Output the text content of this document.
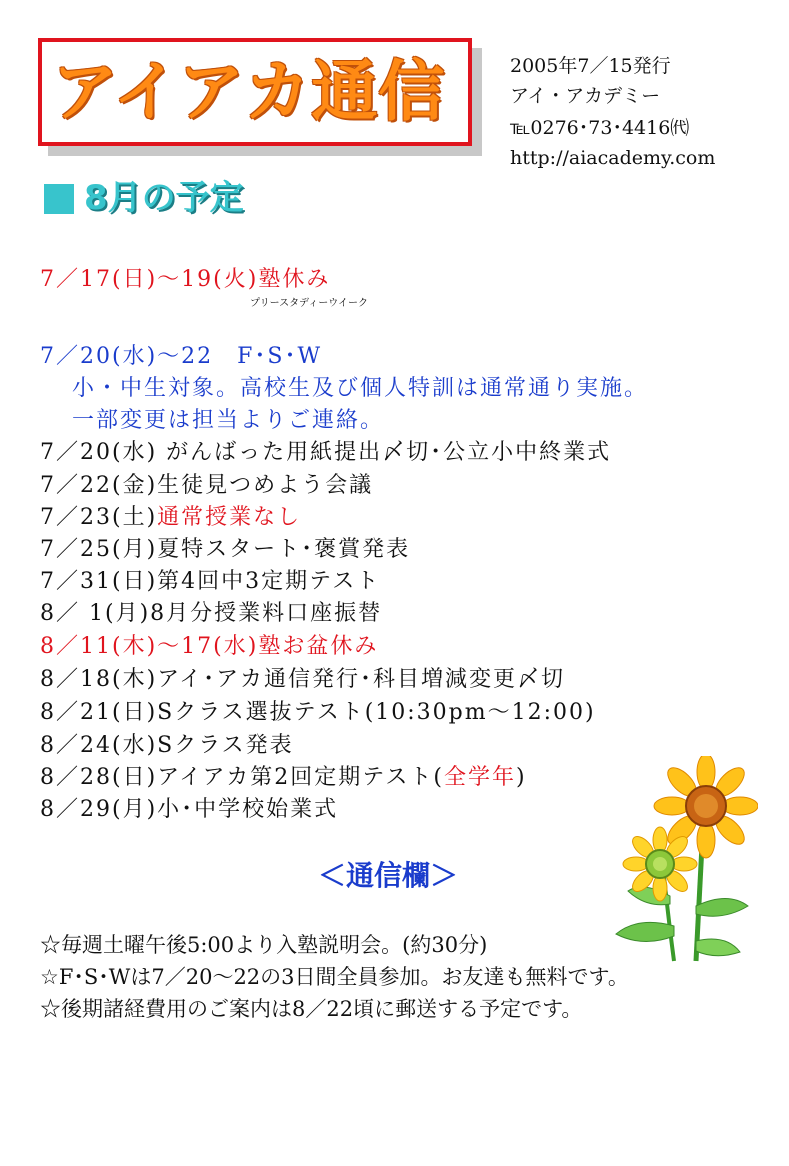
アイアカ通信	2005年7／15発行
アイ・アカデミー
℡0276･73･4416㈹
http://aiacademy.com
8月の予定
7／17(日)～19(火)塾休み
プリースタディーウイーク
7／20(水)～22　F･S･W
小・中生対象。高校生及び個人特訓は通常通り実施。
一部変更は担当よりご連絡。
7／20(水) がんばった用紙提出〆切･公立小中終業式
7／22(金)生徒見つめよう会議
7／23(土)通常授業なし
7／25(月)夏特スタート･褒賞発表
7／31(日)第4回中3定期テスト
8／ 1(月)8月分授業料口座振替
8／11(木)～17(水)塾お盆休み
8／18(木)アイ･アカ通信発行･科目増減変更〆切
8／21(日)Sクラス選抜テスト(10:30pm～12:00)
8／24(水)Sクラス発表
8／28(日)アイアカ第2回定期テスト(全学年)
8／29(月)小･中学校始業式
＜通信欄＞
☆毎週土曜午後5:00より入塾説明会。(約30分)
☆F･S･Wは7／20～22の3日間全員参加。お友達も無料です。
☆後期諸経費用のご案内は8／22頃に郵送する予定です。
